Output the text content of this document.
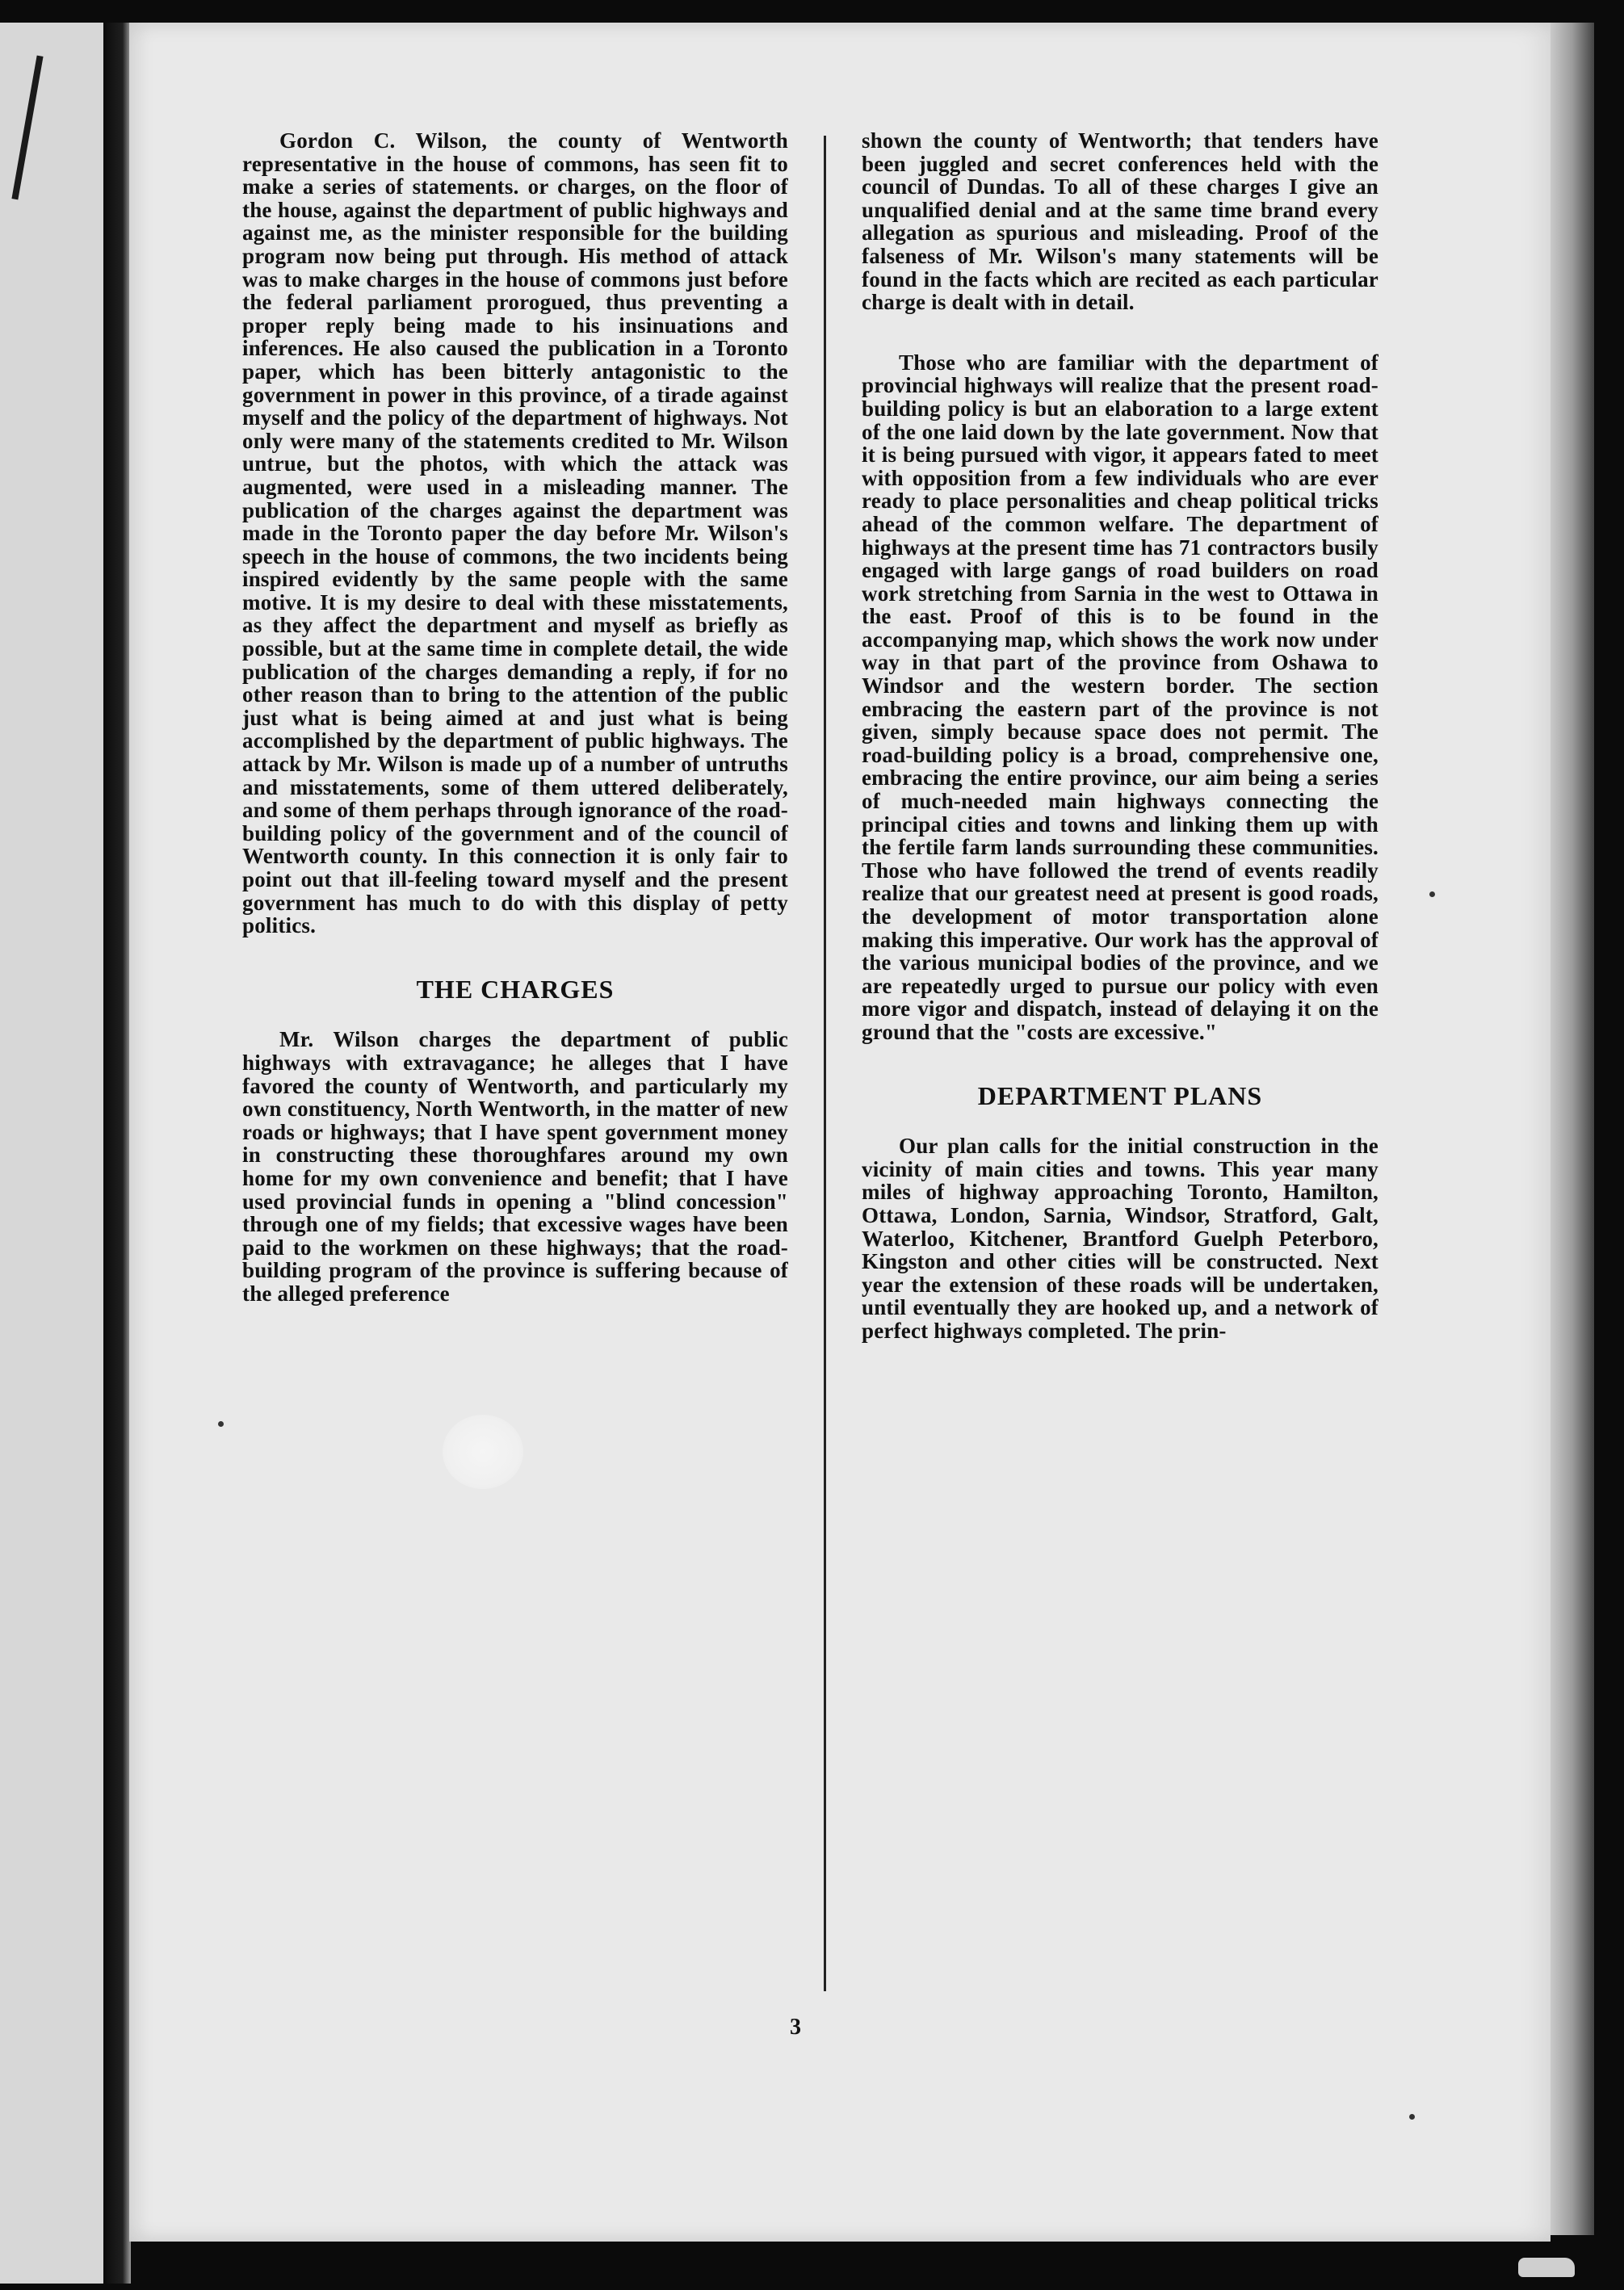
Gordon C. Wilson, the county of Wentworth representative in the house of commons, has seen fit to make a series of statements. or charges, on the floor of the house, against the department of public highways and against me, as the minister responsible for the building program now being put through. His method of attack was to make charges in the house of commons just before the federal parliament prorogued, thus preventing a proper reply being made to his insinuations and inferences. He also caused the publication in a Toronto paper, which has been bitterly antagonistic to the government in power in this province, of a tirade against myself and the policy of the department of highways. Not only were many of the statements credited to Mr. Wilson untrue, but the photos, with which the attack was augmented, were used in a misleading manner. The publication of the charges against the department was made in the Toronto paper the day before Mr. Wilson's speech in the house of commons, the two incidents being inspired evidently by the same people with the same motive. It is my desire to deal with these misstatements, as they affect the department and myself as briefly as possible, but at the same time in complete detail, the wide publication of the charges demanding a reply, if for no other reason than to bring to the attention of the public just what is being aimed at and just what is being accomplished by the department of public highways. The attack by Mr. Wilson is made up of a number of untruths and misstatements, some of them uttered deliberately, and some of them perhaps through ignorance of the road-building policy of the government and of the council of Wentworth county. In this connection it is only fair to point out that ill-feeling toward myself and the present government has much to do with this display of petty politics.

THE CHARGES

Mr. Wilson charges the department of public highways with extravagance; he alleges that I have favored the county of Wentworth, and particularly my own constituency, North Wentworth, in the matter of new roads or highways; that I have spent government money in constructing these thoroughfares around my own home for my own convenience and benefit; that I have used provincial funds in opening a "blind concession" through one of my fields; that excessive wages have been paid to the workmen on these highways; that the road-building program of the province is suffering because of the alleged preference

shown the county of Wentworth; that tenders have been juggled and secret conferences held with the council of Dundas. To all of these charges I give an unqualified denial and at the same time brand every allegation as spurious and misleading. Proof of the falseness of Mr. Wilson's many statements will be found in the facts which are recited as each particular charge is dealt with in detail.

Those who are familiar with the department of provincial highways will realize that the present road-building policy is but an elaboration to a large extent of the one laid down by the late government. Now that it is being pursued with vigor, it appears fated to meet with opposition from a few individuals who are ever ready to place personalities and cheap political tricks ahead of the common welfare. The department of highways at the present time has 71 contractors busily engaged with large gangs of road builders on road work stretching from Sarnia in the west to Ottawa in the east. Proof of this is to be found in the accompanying map, which shows the work now under way in that part of the province from Oshawa to Windsor and the western border. The section embracing the eastern part of the province is not given, simply because space does not permit. The road-building policy is a broad, comprehensive one, embracing the entire province, our aim being a series of much-needed main highways connecting the principal cities and towns and linking them up with the fertile farm lands surrounding these communities. Those who have followed the trend of events readily realize that our greatest need at present is good roads, the development of motor transportation alone making this imperative. Our work has the approval of the various municipal bodies of the province, and we are repeatedly urged to pursue our policy with even more vigor and dispatch, instead of delaying it on the ground that the "costs are excessive."

DEPARTMENT PLANS

Our plan calls for the initial construction in the vicinity of main cities and towns. This year many miles of highway approaching Toronto, Hamilton, Ottawa, London, Sarnia, Windsor, Stratford, Galt, Waterloo, Kitchener, Brantford Guelph Peterboro, Kingston and other cities will be constructed. Next year the extension of these roads will be undertaken, until eventually they are hooked up, and a network of perfect highways completed. The prin-

3
